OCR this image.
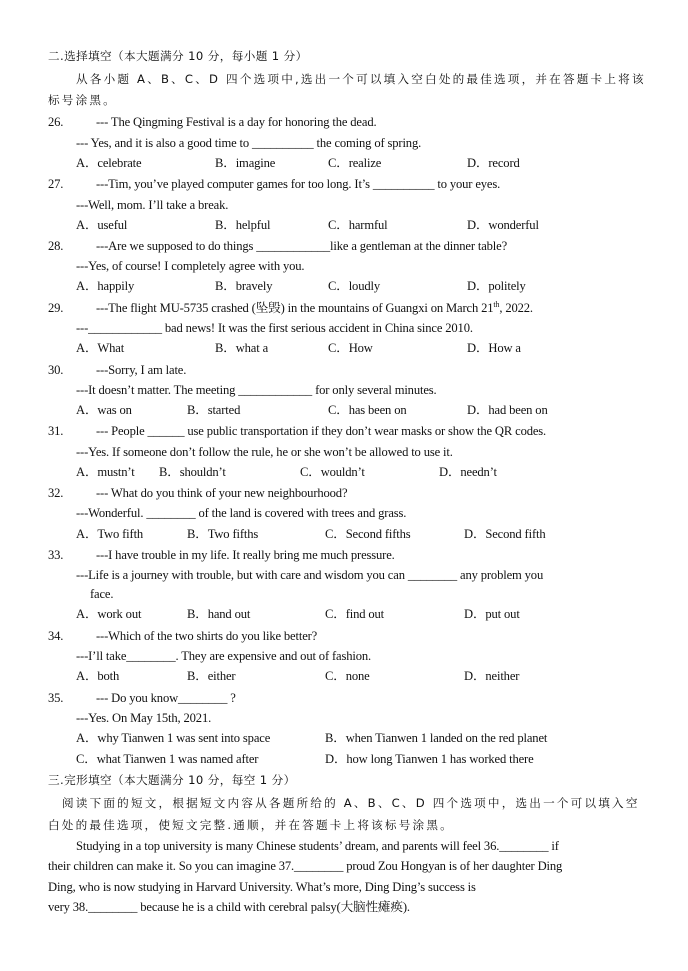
二.选择填空（本大题满分 10 分，每小题 1 分）
从各小题 A、B、C、D 四个选项中,选出一个可以填入空白处的最佳选项，并在答题卡上将该
标号涂黑。
26.	--- The Qingming Festival is a day for honoring the dead.
--- Yes, and it is also a good time to __________ the coming of spring.
A．celebrate	B．imagine	C．realize	D．record
27.	---Tim, you’ve played computer games for too long. It’s __________ to your eyes.
---Well, mom. I’ll take a break.
A．useful	B．helpful	C．harmful	D．wonderful
28.	---Are we supposed to do things ____________like a gentleman at the dinner table?
---Yes, of course! I completely agree with you.
A．happily	B．bravely	C．loudly	D．politely
29.	---The flight MU-5735 crashed (坠毁) in the mountains of Guangxi on March 21th, 2022.
---____________ bad news! It was the first serious accident in China since 2010.
A．What	B．what a	C．How	D．How a
30.	---Sorry, I am late.
---It doesn’t matter. The meeting ____________ for only several minutes.
A．was on	B．started	C．has been on	D．had been on
31.	--- People ______ use public transportation if they don’t wear masks or show the QR codes.
---Yes. If someone don’t follow the rule, he or she won’t be allowed to use it.
A．mustn’t B．shouldn’t	C．wouldn’t	D．needn’t
32.	--- What do you think of your new neighbourhood?
---Wonderful. ________ of the land is covered with trees and grass.
A．Two fifth	B．Two fifths	C．Second fifths	D．Second fifth
33.	---I have trouble in my life. It really bring me much pressure.
---Life is a journey with trouble, but with care and wisdom you can ________ any problem you
face.
A．work out	B．hand out	C．find out	D．put out
34.	---Which of the two shirts do you like better?
---I’ll take________. They are expensive and out of fashion.
A．both	B．either	C．none	D．neither
35.	--- Do you know________ ?
---Yes. On May 15th, 2021.
A．why Tianwen 1 was sent into space	B．when Tianwen 1 landed on the red planet
C．what Tianwen 1 was named after	D．how long Tianwen 1 has worked there
三.完形填空（本大题满分 10 分，每空 1 分）
阅读下面的短文，根据短文内容从各题所给的 A、B、C、D 四个选项中，选出一个可以填入空
白处的最佳选项，使短文完整.通顺，并在答题卡上将该标号涂黑。
Studying in a top university is many Chinese students’ dream, and parents will feel 36.________ if
their children can make it. So you can imagine 37.________ proud Zou Hongyan is of her daughter Ding
Ding, who is now studying in Harvard University. What’s more, Ding Ding’s success is
very 38.________ because he is a child with cerebral palsy(大脑性瘫痪).
